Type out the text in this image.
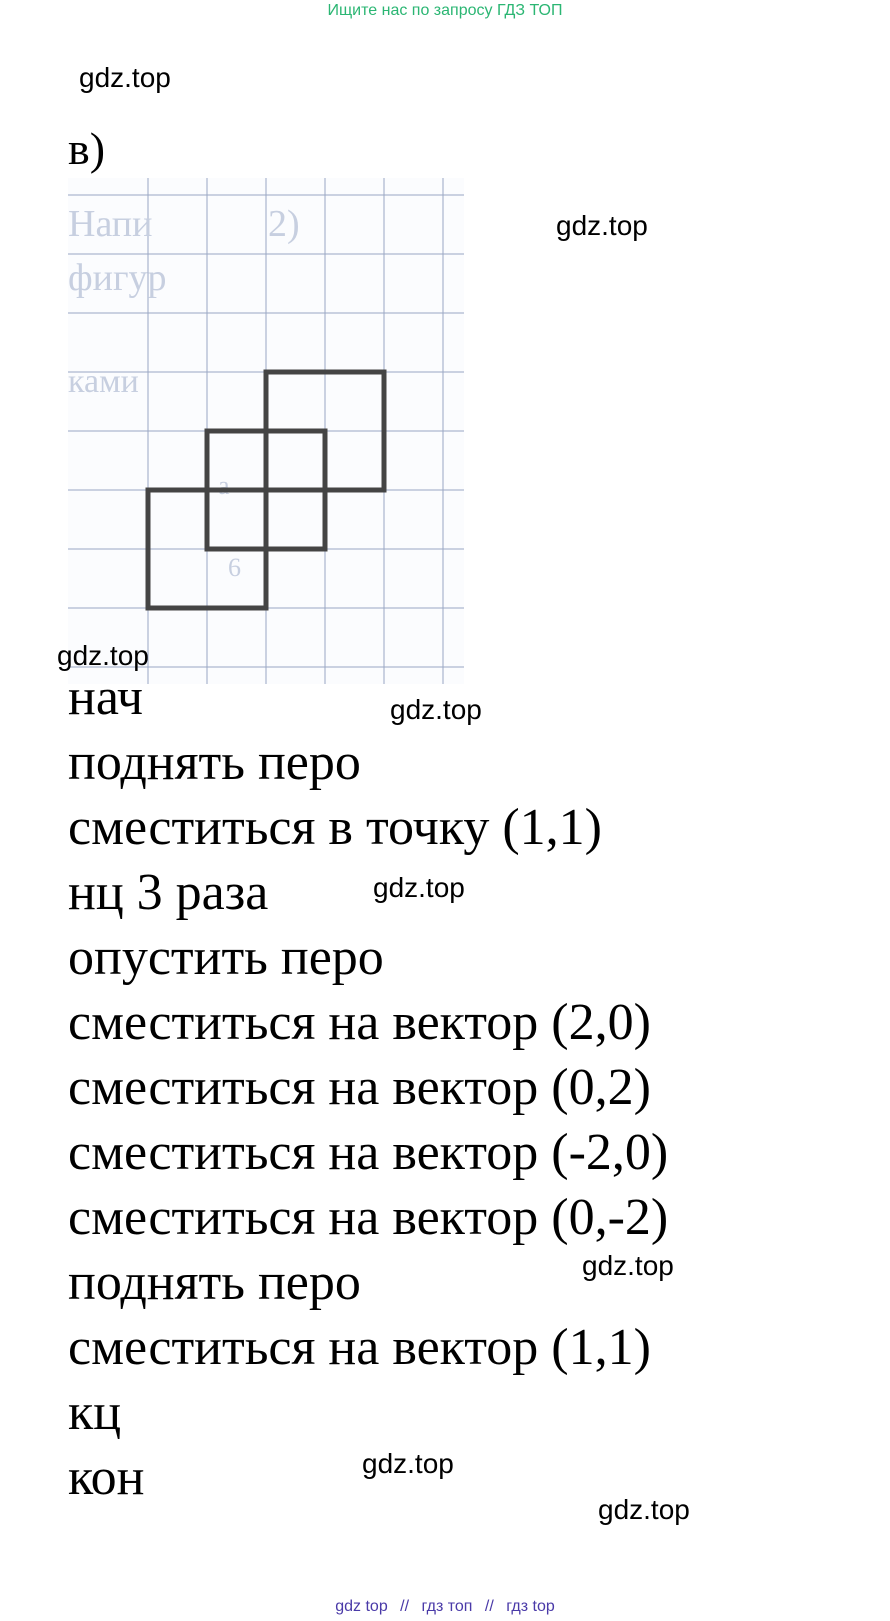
Ищите нас по запросу ГДЗ ТОП
gdz.top
в)
gdz.top
2)
Напи
фигур
ками
a
6
gdz.top
gdz.top
нач
поднять перо
сместиться в точку (1,1)
нц 3 раза
опустить перо
сместиться на вектор (2,0)
сместиться на вектор (0,2)
сместиться на вектор (-2,0)
сместиться на вектор (0,-2)
поднять перо
сместиться на вектор (1,1)
кц
кон
gdz.top
gdz.top
gdz.top
gdz.top
gdz top // гдз топ // гдз top
